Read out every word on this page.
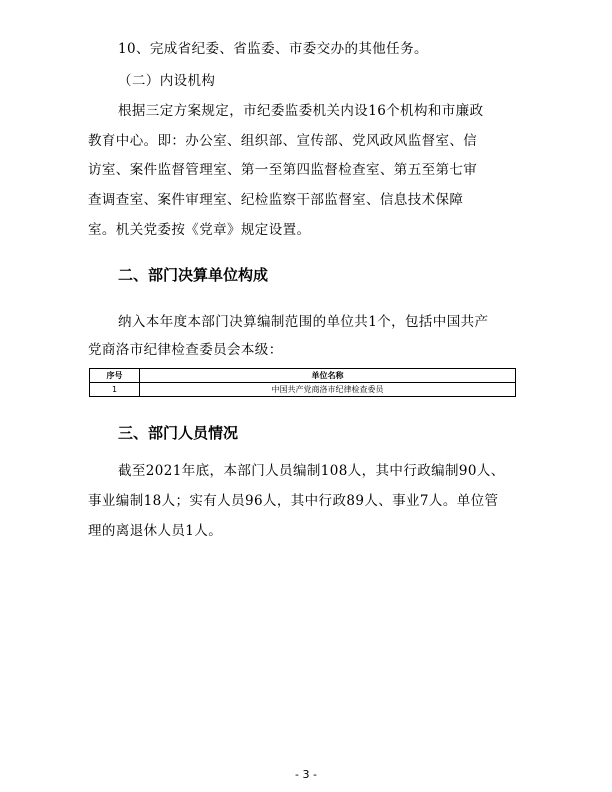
10、完成省纪委、省监委、市委交办的其他任务。
（二）内设机构
根据三定方案规定，市纪委监委机关内设16个机构和市廉政
教育中心。即：办公室、组织部、宣传部、党风政风监督室、信
访室、案件监督管理室、第一至第四监督检查室、第五至第七审
查调查室、案件审理室、纪检监察干部监督室、信息技术保障
室。机关党委按《党章》规定设置。
二、部门决算单位构成
纳入本年度本部门决算编制范围的单位共1个，包括中国共产
党商洛市纪律检查委员会本级：
序号	单位名称
1	中国共产党商洛市纪律检查委员
三、部门人员情况
截至2021年底，本部门人员编制108人，其中行政编制90人、
事业编制18人；实有人员96人，其中行政89人、事业7人。单位管
理的离退休人员1人。
- 3 -
